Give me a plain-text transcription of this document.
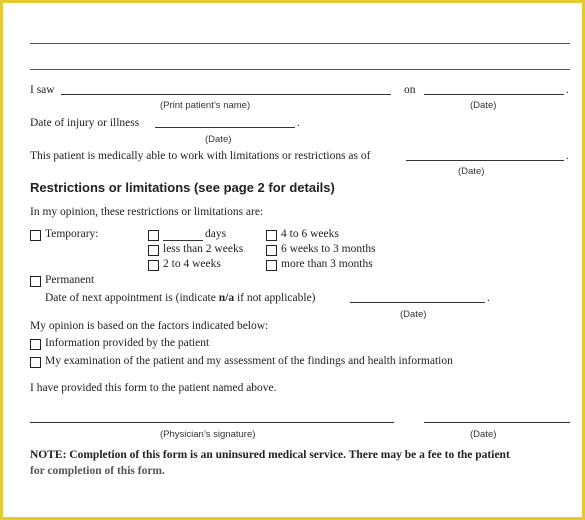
I saw	on	.
(Print patient’s name)	(Date)
Date of injury or illness	.
(Date)
This patient is medically able to work with limitations or restrictions as of	.
(Date)
Restrictions or limitations (see page 2 for details)
In my opinion, these restrictions or limitations are:
Temporary:	days	4 to 6 weeks
less than 2 weeks	6 weeks to 3 months
2 to 4 weeks	more than 3 months
Permanent
Date of next appointment is (indicate n/a if not applicable)	.
(Date)
My opinion is based on the factors indicated below:
Information provided by the patient
My examination of the patient and my assessment of the findings and health information
I have provided this form to the patient named above.
(Physician’s signature)	(Date)
NOTE: Completion of this form is an uninsured medical service. There may be a fee to the patient
for completion of this form.
